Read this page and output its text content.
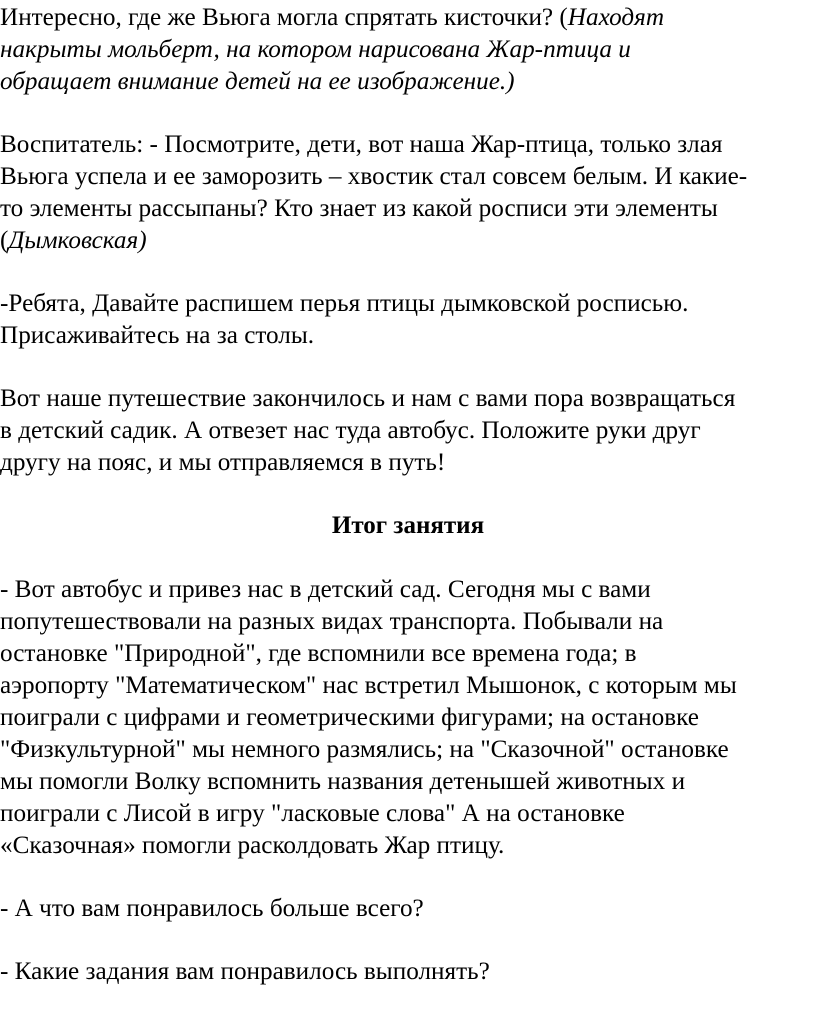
Интересно, где же Вьюга могла спрятать кисточки? (Находят
накрыты мольберт, на котором нарисована Жар-птица и
обращает внимание детей на ее изображение.)

Воспитатель: - Посмотрите, дети, вот наша Жар-птица, только злая
Вьюга успела и ее заморозить – хвостик стал совсем белым. И какие-
то элементы рассыпаны? Кто знает из какой росписи эти элементы
(Дымковская)

-Ребята, Давайте распишем перья птицы дымковской росписью.
Присаживайтесь на за столы.

Вот наше путешествие закончилось и нам с вами пора возвращаться
в детский садик. А отвезет нас туда автобус. Положите руки друг
другу на пояс, и мы отправляемся в путь!

Итог занятия

- Вот автобус и привез нас в детский сад. Сегодня мы с вами
попутешествовали на разных видах транспорта. Побывали на
остановке "Природной", где вспомнили все времена года; в
аэропорту "Математическом" нас встретил Мышонок, с которым мы
поиграли с цифрами и геометрическими фигурами; на остановке
"Физкультурной" мы немного размялись; на "Сказочной" остановке
мы помогли Волку вспомнить названия детенышей животных и
поиграли с Лисой в игру "ласковые слова" А на остановке
«Сказочная» помогли расколдовать Жар птицу.

- А что вам понравилось больше всего?

- Какие задания вам понравилось выполнять?
